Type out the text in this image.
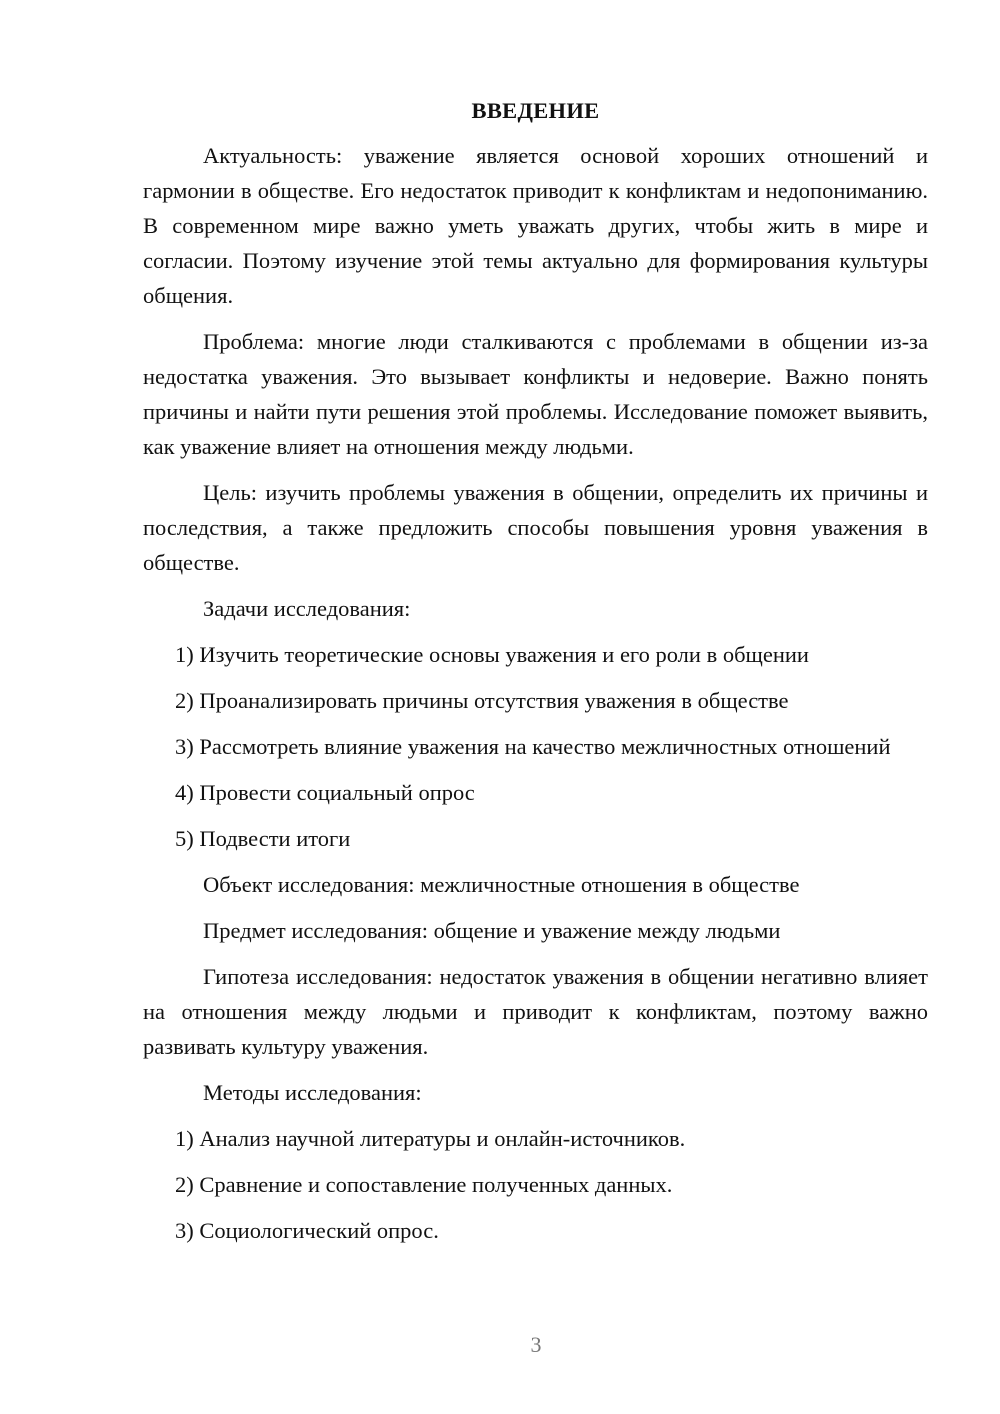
ВВЕДЕНИЕ

Актуальность: уважение является основой хороших отношений и гармонии в обществе. Его недостаток приводит к конфликтам и недопониманию. В современном мире важно уметь уважать других, чтобы жить в мире и согласии. Поэтому изучение этой темы актуально для формирования культуры общения.

Проблема: многие люди сталкиваются с проблемами в общении из-за недостатка уважения. Это вызывает конфликты и недоверие. Важно понять причины и найти пути решения этой проблемы. Исследование поможет выявить, как уважение влияет на отношения между людьми.

Цель: изучить проблемы уважения в общении, определить их причины и последствия, а также предложить способы повышения уровня уважения в обществе.

Задачи исследования:

1) Изучить теоретические основы уважения и его роли в общении

2) Проанализировать причины отсутствия уважения в обществе

3) Рассмотреть влияние уважения на качество межличностных отношений

4) Провести социальный опрос

5) Подвести итоги

Объект исследования: межличностные отношения в обществе

Предмет исследования: общение и уважение между людьми

Гипотеза исследования: недостаток уважения в общении негативно влияет на отношения между людьми и приводит к конфликтам, поэтому важно развивать культуру уважения.

Методы исследования:

1) Анализ научной литературы и онлайн-источников.

2) Сравнение и сопоставление полученных данных.

3) Социологический опрос.

3
